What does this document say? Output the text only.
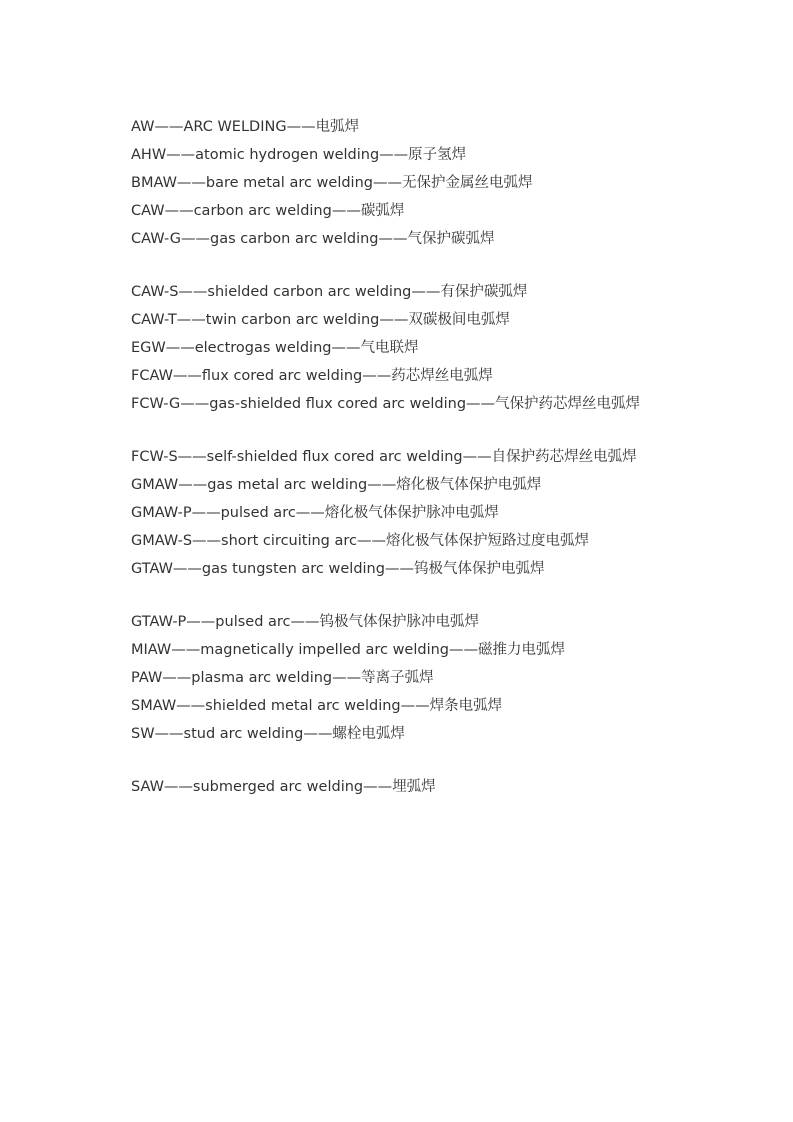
AW——ARC WELDING——电弧焊
AHW——atomic hydrogen welding——原子氢焊
BMAW——bare metal arc welding——无保护金属丝电弧焊
CAW——carbon arc welding——碳弧焊
CAW-G——gas carbon arc welding——气保护碳弧焊
CAW-S——shielded carbon arc welding——有保护碳弧焊
CAW-T——twin carbon arc welding——双碳极间电弧焊
EGW——electrogas welding——气电联焊
FCAW——flux cored arc welding——药芯焊丝电弧焊
FCW-G——gas-shielded flux cored arc welding——气保护药芯焊丝电弧焊
FCW-S——self-shielded flux cored arc welding——自保护药芯焊丝电弧焊
GMAW——gas metal arc welding——熔化极气体保护电弧焊
GMAW-P——pulsed arc——熔化极气体保护脉冲电弧焊
GMAW-S——short circuiting arc——熔化极气体保护短路过度电弧焊
GTAW——gas tungsten arc welding——钨极气体保护电弧焊
GTAW-P——pulsed arc——钨极气体保护脉冲电弧焊
MIAW——magnetically impelled arc welding——磁推力电弧焊
PAW——plasma arc welding——等离子弧焊
SMAW——shielded metal arc welding——焊条电弧焊
SW——stud arc welding——螺栓电弧焊
SAW——submerged arc welding——埋弧焊
